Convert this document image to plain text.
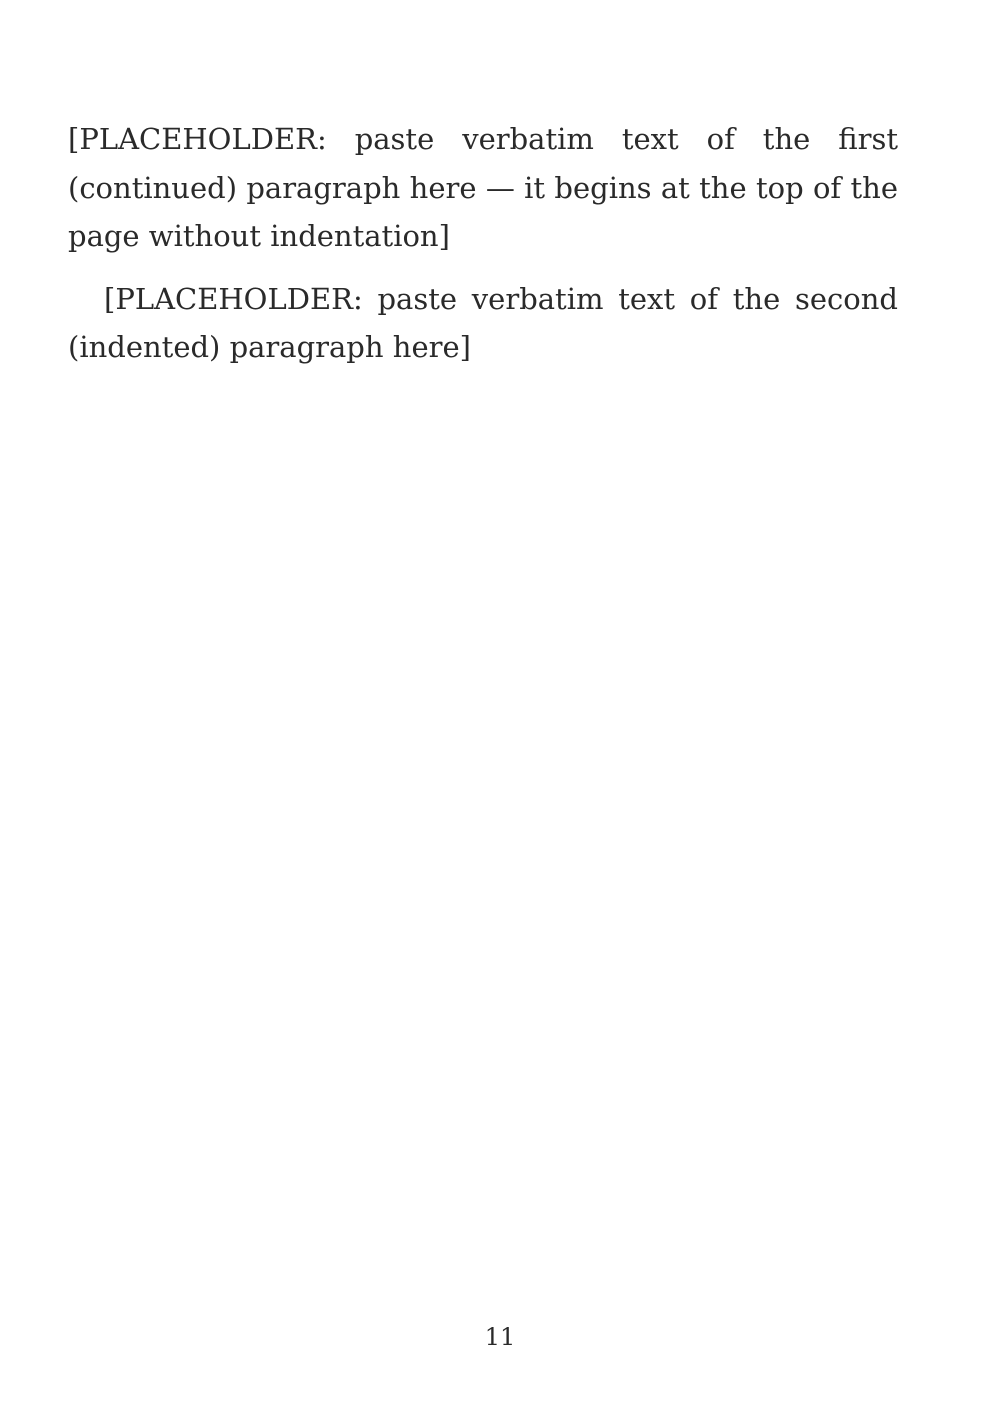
[PLACEHOLDER: paste verbatim text of the first (continued) paragraph here — it begins at the top of the page without indentation]

[PLACEHOLDER: paste verbatim text of the second (indented) paragraph here]

11
